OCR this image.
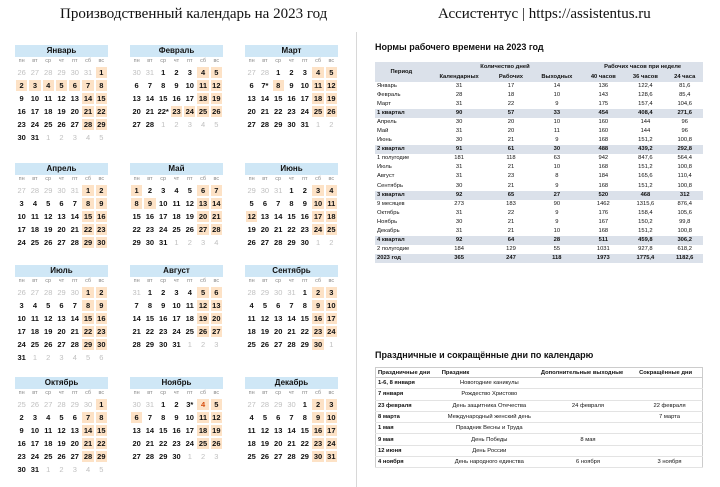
Производственный календарь на 2023 год	Ассистентус | https://assistentus.ru
Январь
пн	вт	ср	чт	пт	сб	вс
26 27 28 29 30 31 1
2	3	4	5	6	7	8
9 10 11 12 13 14 15
16 17 18 19 20 21 22
23 24 25 26 27 28 29
30 31 1	2	3	4	5
Февраль
пн	вт	ср	чт	пт	сб	вс
30 31 1	2	3	4	5
6	7	8	9 10 11 12
13 14 15 16 17 18 19
20 21 22* 23 24 25 26
27 28 1	2	3	4	5
Март
пн	вт	ср	чт	пт	сб	вс
27 28 1	2	3	4	5
6	7*	8	9 10 11 12
13 14 15 16 17 18 19
20 21 22 23 24 25 26
27 28 29 30 31 1	2
Апрель
пн	вт	ср	чт	пт	сб	вс
27 28 29 30 31 1	2
3	4	5	6	7	8	9
10 11 12 13 14 15 16
17 18 19 20 21 22 23
24 25 26 27 28 29 30
Май
пн	вт	ср	чт	пт	сб	вс
1	2	3	4	5	6	7
8	9 10 11 12 13 14
15 16 17 18 19 20 21
22 23 24 25 26 27 28
29 30 31 1	2	3	4
Июнь
пн	вт	ср	чт	пт	сб	вс
29 30 31 1	2	3	4
5	6	7	8	9 10 11
12 13 14 15 16 17 18
19 20 21 22 23 24 25
26 27 28 29 30 1	2
Июль
пн	вт	ср	чт	пт	сб	вс
26 27 28 29 30 1	2
3	4	5	6	7	8	9
10 11 12 13 14 15 16
17 18 19 20 21 22 23
24 25 26 27 28 29 30
31 1	2	3	4	5	6
Август
пн	вт	ср	чт	пт	сб	вс
31 1	2	3	4	5	6
7	8	9 10 11 12 13
14 15 16 17 18 19 20
21 22 23 24 25 26 27
28 29 30 31 1	2	3
Сентябрь
пн	вт	ср	чт	пт	сб	вс
28 29 30 31 1	2	3
4	5	6	7	8	9 10
11 12 13 14 15 16 17
18 19 20 21 22 23 24
25 26 27 28 29 30 1
Октябрь
пн	вт	ср	чт	пт	сб	вс
25 26 27 28 29 30 1
2	3	4	5	6	7	8
9 10 11 12 13 14 15
16 17 18 19 20 21 22
23 24 25 26 27 28 29
30 31 1	2	3	4	5
Ноябрь
пн	вт	ср	чт	пт	сб	вс
30 31 1	2	3*	4	5
6	7	8	9 10 11 12
13 14 15 16 17 18 19
20 21 22 23 24 25 26
27 28 29 30 1	2	3
Декабрь
пн	вт	ср	чт	пт	сб	вс
27 28 29 30 1	2	3
4	5	6	7	8	9 10
11 12 13 14 15 16 17
18 19 20 21 22 23 24
25 26 27 28 29 30 31
Нормы рабочего времени на 2023 год
Период	Количество дней			Рабочих часов при неделе		
	Календарных	Рабочих	Выходных	40 часов	36 часов	24 часа
Январь	31	17	14	136	122,4	81,6
Февраль	28	18	10	143	128,6	85,4
Март	31	22	9	175	157,4	104,6
1 квартал	90	57	33	454	408,4	271,6
Апрель	30	20	10	160	144	96
Май	31	20	11	160	144	96
Июнь	30	21	9	168	151,2	100,8
2 квартал	91	61	30	488	439,2	292,8
1 полугодие	181	118	63	942	847,6	564,4
Июль	31	21	10	168	151,2	100,8
Август	31	23	8	184	165,6	110,4
Сентябрь	30	21	9	168	151,2	100,8
3 квартал	92	65	27	520	468	312
9 месяцев	273	183	90	1462	1315,6	876,4
Октябрь	31	22	9	176	158,4	105,6
Ноябрь	30	21	9	167	150,2	99,8
Декабрь	31	21	10	168	151,2	100,8
4 квартал	92	64	28	511	459,8	306,2
2 полугодие	184	129	55	1031	927,8	618,2
2023 год	365	247	118	1973	1775,4	1182,6
Праздничные и сокращённые дни по календарю
Праздничные дни	Праздник	Дополнительные выходные	Сокращённые дни
1-6, 8 января	Новогодние каникулы		
7 января	Рождество Христово		
23 февраля	День защитника Отечества	24 февраля	22 февраля
8 марта	Международный женский день		7 марта
1 мая	Праздник Весны и Труда		
9 мая	День Победы	8 мая	
12 июня	День России		
4 ноября	День народного единства	6 ноября	3 ноября
